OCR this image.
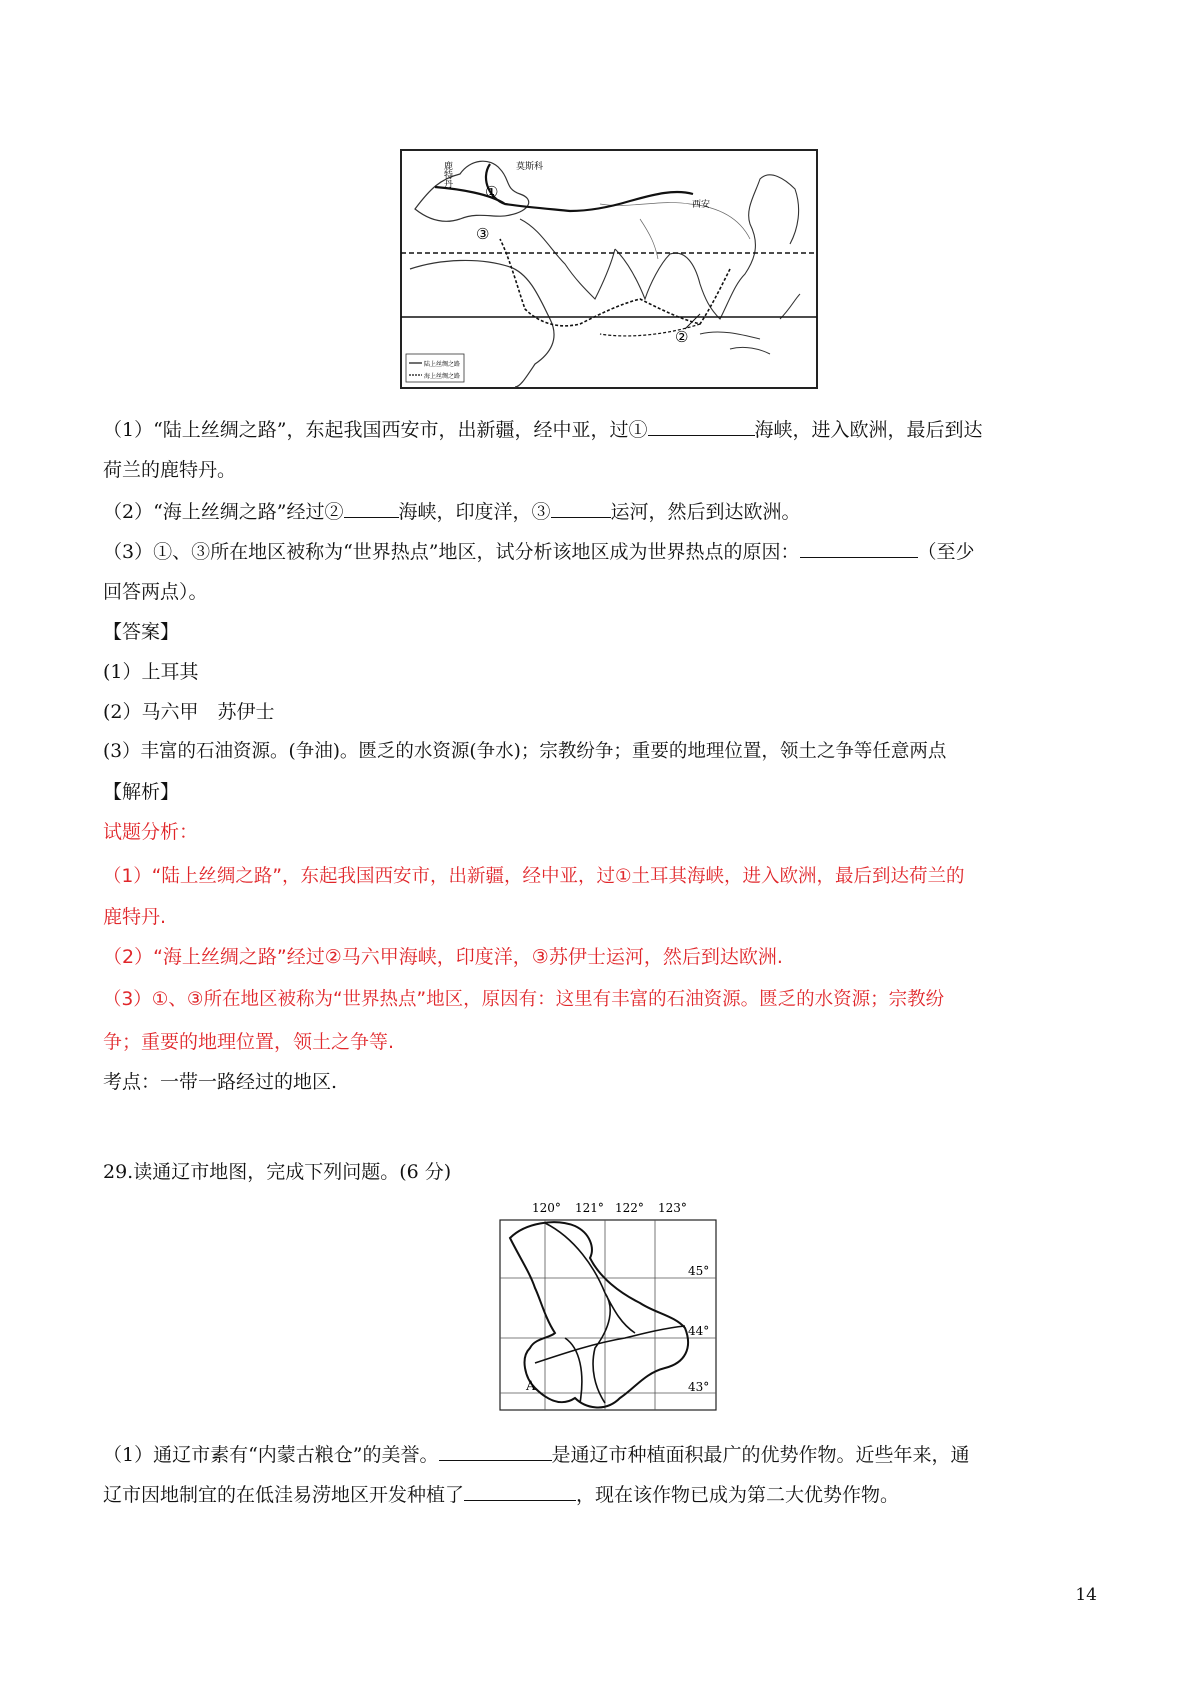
①
②
③
鹿特丹	莫斯科
西安
陆上丝绸之路
海上丝绸之路
（1）“陆上丝绸之路”，东起我国西安市，出新疆，经中亚，过①	海峡，进入欧洲，最后到达
荷兰的鹿特丹。
（2）“海上丝绸之路”经过②	海峡，印度洋，③	运河，然后到达欧洲。
（3）①、③所在地区被称为“世界热点”地区，试分析该地区成为世界热点的原因：	（至少
回答两点）。
【答案】
(1）上耳其
(2）马六甲　苏伊士
(3）丰富的石油资源。(争油)。匮乏的水资源(争水)；宗教纷争；重要的地理位置，领土之争等任意两点
【解析】
试题分析：
（1）“陆上丝绸之路”，东起我国西安市，出新疆，经中亚，过①土耳其海峡，进入欧洲，最后到达荷兰的
鹿特丹.
（2）“海上丝绸之路”经过②马六甲海峡，印度洋，③苏伊士运河，然后到达欧洲.
（3）①、③所在地区被称为“世界热点”地区，原因有：这里有丰富的石油资源。匮乏的水资源；宗教纷
争；重要的地理位置，领土之争等.
考点：一带一路经过的地区.
29.读通辽市地图，完成下列问题。(6 分)
120° 121° 122° 123°
45°
44°
43°
A
（1）通辽市素有“内蒙古粮仓”的美誉。	是通辽市种植面积最广的优势作物。近些年来，通
辽市因地制宜的在低洼易涝地区开发种植了	，现在该作物已成为第二大优势作物。
14
